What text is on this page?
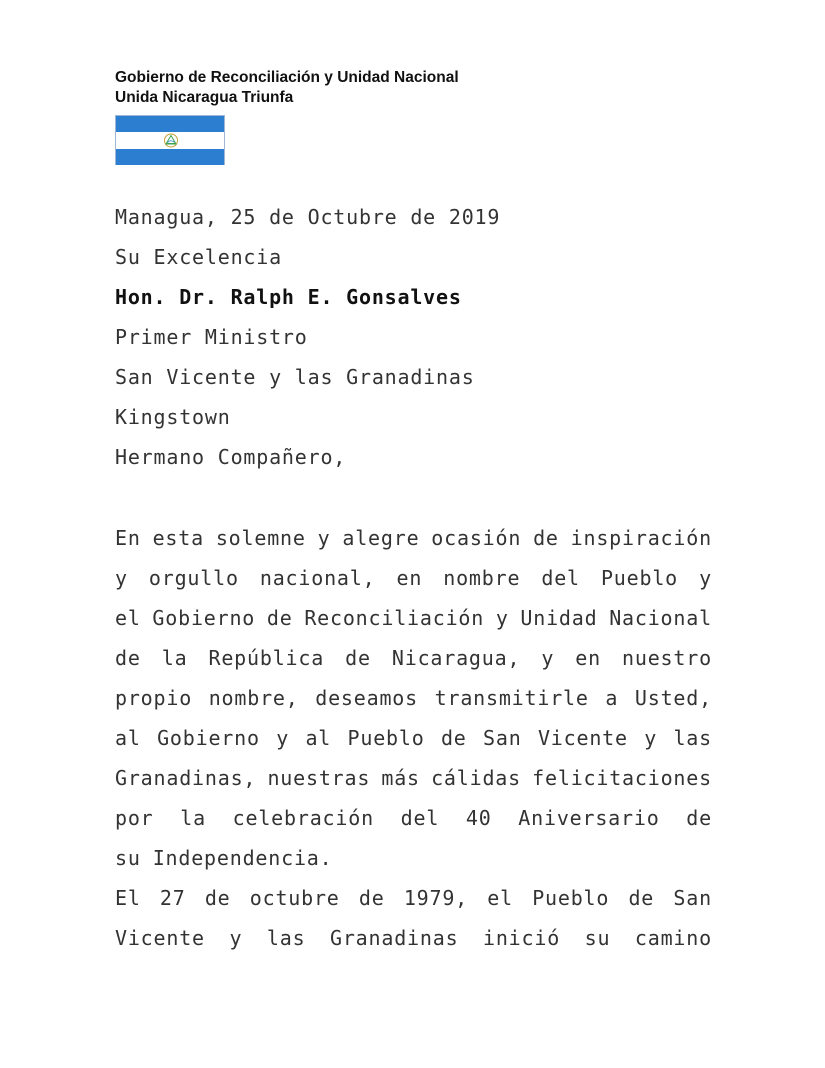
Gobierno de Reconciliación y Unidad Nacional
Unida Nicaragua Triunfa
Managua, 25 de Octubre de 2019
Su Excelencia
Hon. Dr. Ralph E. Gonsalves
Primer Ministro
San Vicente y las Granadinas
Kingstown
Hermano Compañero,
En esta solemne y alegre ocasión de inspiración
y orgullo nacional, en nombre del Pueblo y
el Gobierno de Reconciliación y Unidad Nacional
de la República de Nicaragua, y en nuestro
propio nombre, deseamos transmitirle a Usted,
al Gobierno y al Pueblo de San Vicente y las
Granadinas, nuestras más cálidas felicitaciones
por la celebración del 40 Aniversario de
su Independencia.
El 27 de octubre de 1979, el Pueblo de San
Vicente y las Granadinas inició su camino
